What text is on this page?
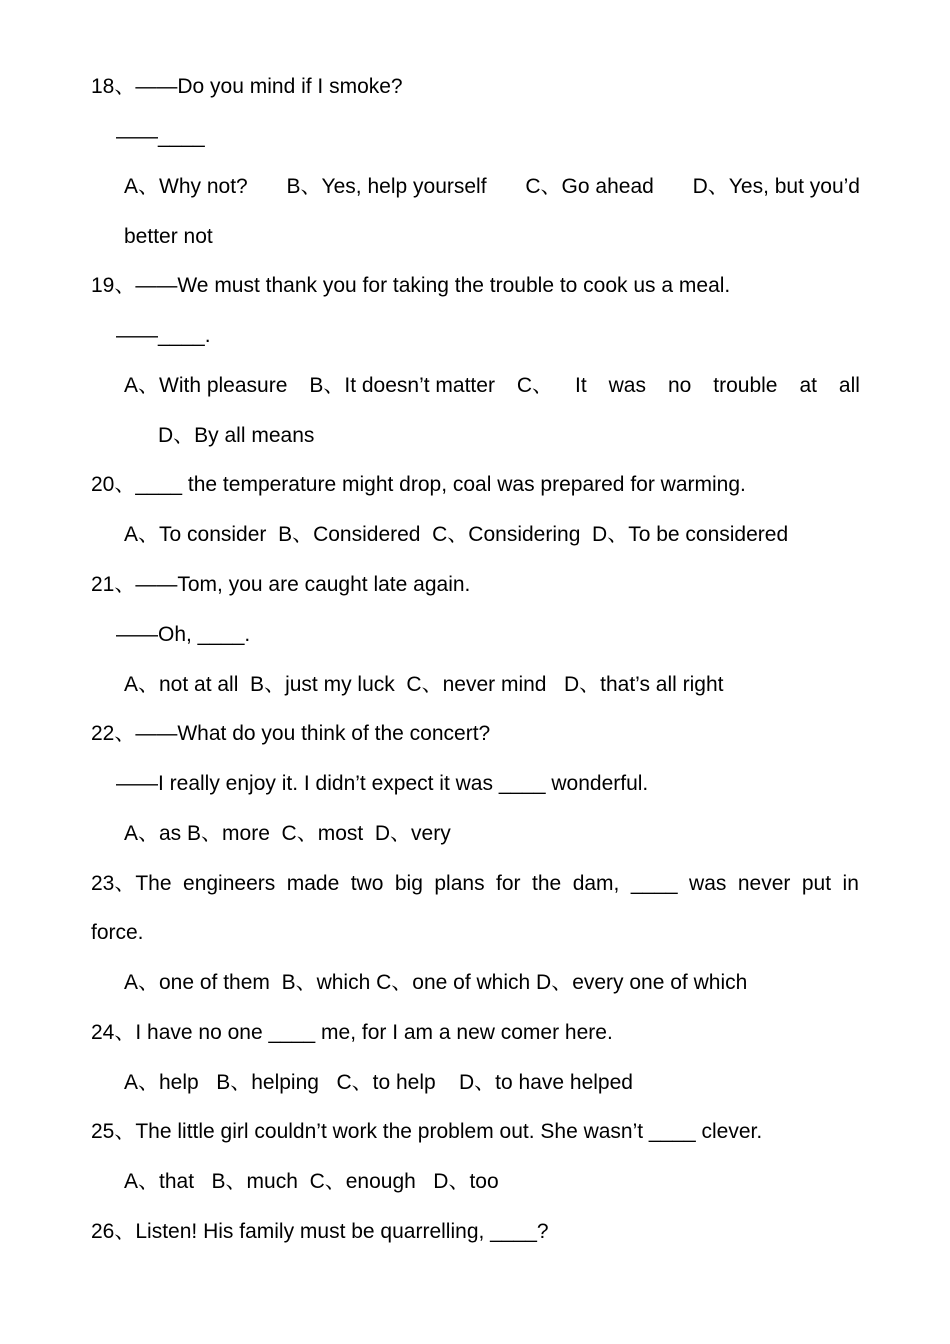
18、——Do you mind if I smoke?
——____
A、Why not? B、Yes, help yourself C、Go ahead D、Yes, but you’d
better not
19、——We must thank you for taking the trouble to cook us a meal.
——____.
A、With pleasure B、It doesn’t matter C、 It was no trouble at all
D、By all means
20、____ the temperature might drop, coal was prepared for warming.
A、To consider  B、Considered  C、Considering  D、To be considered
21、——Tom, you are caught late again.
——Oh, ____.
A、not at all  B、just my luck  C、never mind   D、that’s all right
22、——What do you think of the concert?
——I really enjoy it. I didn’t expect it was ____ wonderful.
A、as B、more  C、most  D、very
23、The engineers made two big plans for the dam, ____ was never put in
force.
A、one of them  B、which C、one of which D、every one of which
24、I have no one ____ me, for I am a new comer here.
A、help   B、helping   C、to help    D、to have helped
25、The little girl couldn’t work the problem out. She wasn’t ____ clever.
A、that   B、much  C、enough   D、too
26、Listen! His family must be quarrelling, ____?
